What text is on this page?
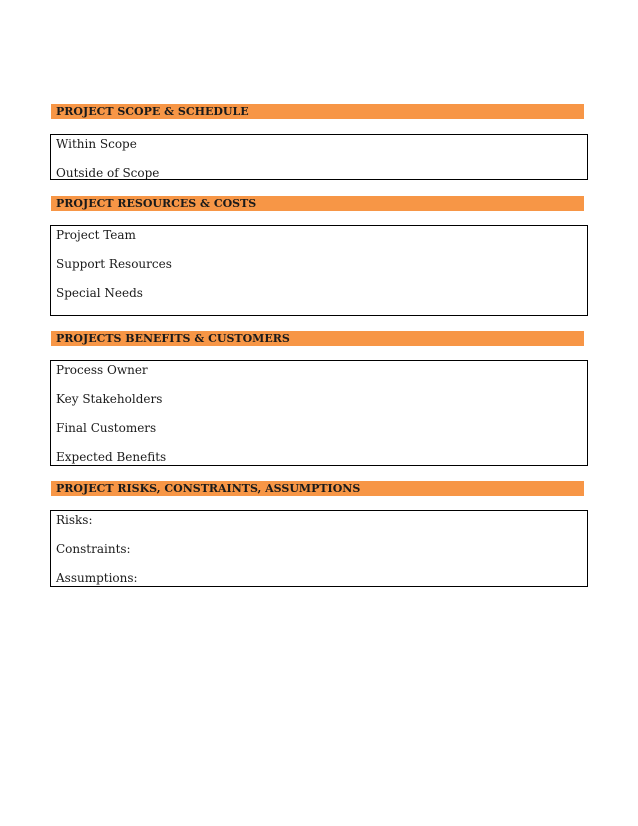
PROJECT SCOPE & SCHEDULE
Within Scope
Outside of Scope
PROJECT RESOURCES & COSTS
Project Team
Support Resources
Special Needs
PROJECTS BENEFITS & CUSTOMERS
Process Owner
Key Stakeholders
Final Customers
Expected Benefits
PROJECT RISKS, CONSTRAINTS, ASSUMPTIONS
Risks:
Constraints:
Assumptions:
